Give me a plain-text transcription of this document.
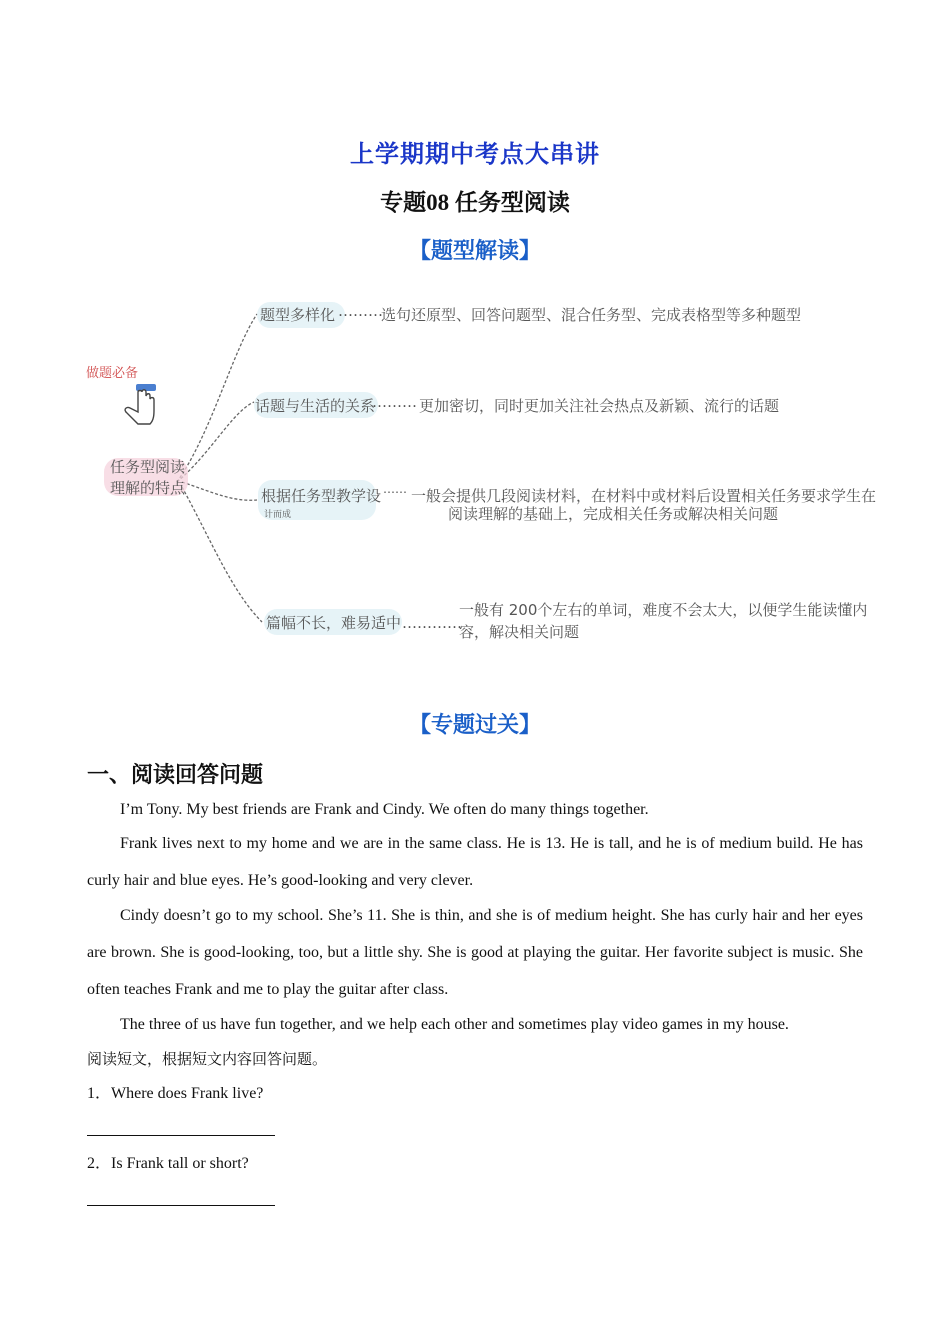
上学期期中考点大串讲
专题08 任务型阅读
【题型解读】
做题必备
任务型阅读
理解的特点
题型多样化 ………
选句还原型、回答问题型、混合任务型、完成表格型等多种题型
话题与生活的关系
……… 更加密切，同时更加关注社会热点及新颖、流行的话题
根据任务型教学设
计而成
…… 一般会提供几段阅读材料，在材料中或材料后设置相关任务要求学生在
阅读理解的基础上，完成相关任务或解决相关问题
篇幅不长，难易适中 …………
一般有 200个左右的单词，难度不会太大，以便学生能读懂内
容，解决相关问题
【专题过关】
一、阅读回答问题
I’m Tony. My best friends are Frank and Cindy. We often do many things together.
Frank lives next to my home and we are in the same class. He is 13. He is tall, and he is of medium build. He has curly hair and blue eyes. He’s good-looking and very clever.
Cindy doesn’t go to my school. She’s 11. She is thin, and she is of medium height. She has curly hair and her eyes are brown. She is good-looking, too, but a little shy. She is good at playing the guitar. Her favorite subject is music. She often teaches Frank and me to play the guitar after class.
The three of us have fun together, and we help each other and sometimes play video games in my house.
阅读短文，根据短文内容回答问题。
1．Where does Frank live?
2．Is Frank tall or short?
